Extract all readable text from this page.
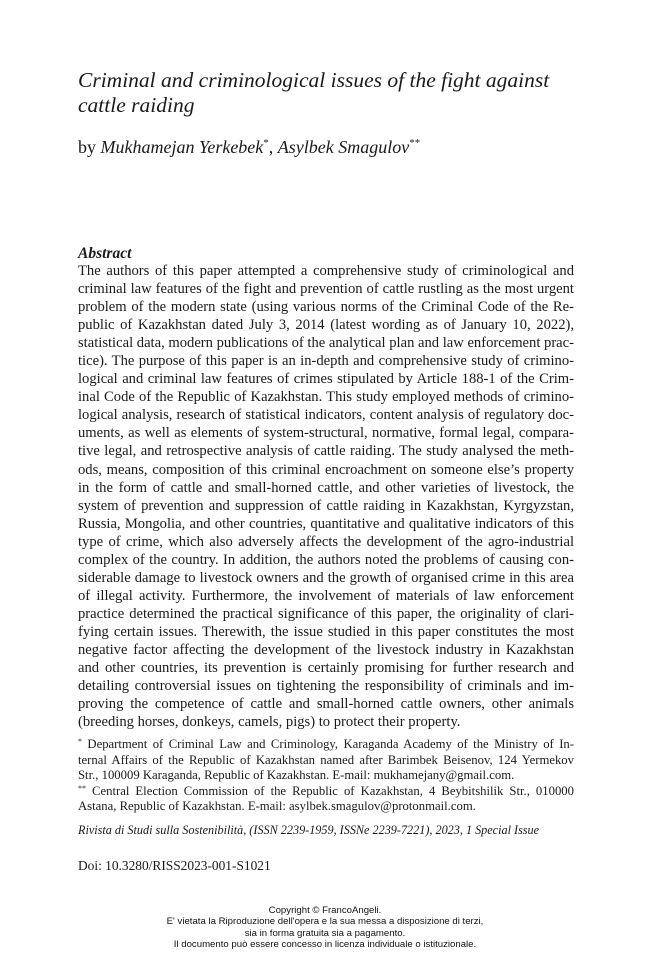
Criminal and criminological issues of the fight against
cattle raiding
by Mukhamejan Yerkebek*, Asylbek Smagulov**
Abstract
The authors of this paper attempted a comprehensive study of criminological and
criminal law features of the fight and prevention of cattle rustling as the most urgent
problem of the modern state (using various norms of the Criminal Code of the Re-
public of Kazakhstan dated July 3, 2014 (latest wording as of January 10, 2022),
statistical data, modern publications of the analytical plan and law enforcement prac-
tice). The purpose of this paper is an in-depth and comprehensive study of crimino-
logical and criminal law features of crimes stipulated by Article 188-1 of the Crim-
inal Code of the Republic of Kazakhstan. This study employed methods of crimino-
logical analysis, research of statistical indicators, content analysis of regulatory doc-
uments, as well as elements of system-structural, normative, formal legal, compara-
tive legal, and retrospective analysis of cattle raiding. The study analysed the meth-
ods, means, composition of this criminal encroachment on someone else’s property
in the form of cattle and small-horned cattle, and other varieties of livestock, the
system of prevention and suppression of cattle raiding in Kazakhstan, Kyrgyzstan,
Russia, Mongolia, and other countries, quantitative and qualitative indicators of this
type of crime, which also adversely affects the development of the agro-industrial
complex of the country. In addition, the authors noted the problems of causing con-
siderable damage to livestock owners and the growth of organised crime in this area
of illegal activity. Furthermore, the involvement of materials of law enforcement
practice determined the practical significance of this paper, the originality of clari-
fying certain issues. Therewith, the issue studied in this paper constitutes the most
negative factor affecting the development of the livestock industry in Kazakhstan
and other countries, its prevention is certainly promising for further research and
detailing controversial issues on tightening the responsibility of criminals and im-
proving the competence of cattle and small-horned cattle owners, other animals
(breeding horses, donkeys, camels, pigs) to protect their property.
* Department of Criminal Law and Criminology, Karaganda Academy of the Ministry of In-
ternal Affairs of the Republic of Kazakhstan named after Barimbek Beisenov, 124 Yermekov
Str., 100009 Karaganda, Republic of Kazakhstan. E-mail: mukhamejany@gmail.com.
** Central Election Commission of the Republic of Kazakhstan, 4 Beybitshilik Str., 010000
Astana, Republic of Kazakhstan. E-mail: asylbek.smagulov@protonmail.com.
Rivista di Studi sulla Sostenibilità, (ISSN 2239-1959, ISSNe 2239-7221), 2023, 1 Special Issue
Doi: 10.3280/RISS2023-001-S1021
Copyright © FrancoAngeli.
E' vietata la Riproduzione dell'opera e la sua messa a disposizione di terzi,
sia in forma gratuita sia a pagamento.
Il documento può essere concesso in licenza individuale o istituzionale.
